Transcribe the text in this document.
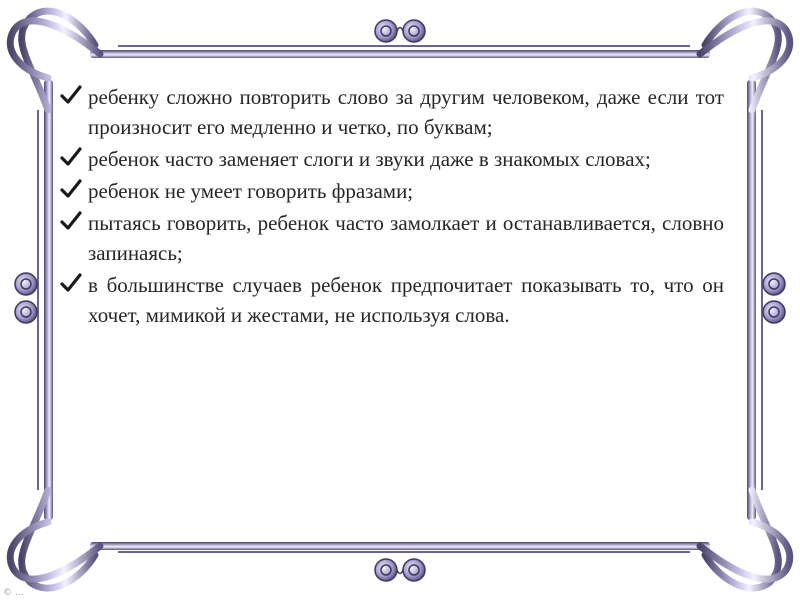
ребенку сложно повторить слово за другим человеком, даже если тот произносит его медленно и четко, по буквам;
ребенок часто заменяет слоги и звуки даже в знакомых словах;
ребенок не умеет говорить фразами;
пытаясь говорить, ребенок часто замолкает и останавливается, словно запинаясь;
в большинстве случаев ребенок предпочитает показывать то, что он хочет, мимикой и жестами, не используя слова.
© ...
